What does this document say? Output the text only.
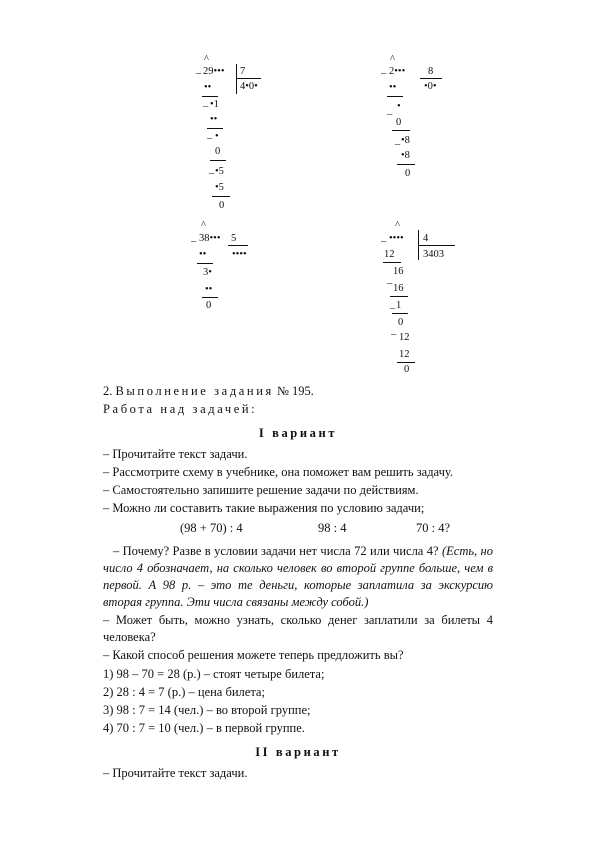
^
– 29••• 7
4•0•
••
– •1
••
– •
0
– •5
•5
0
^
– 2••• 8
•0•
••
–
•
0
– •8
•8
0
^
– 38••• 5
••••
••
3•
••
0
^
– •••• 4
3403
12
–
16
16
– 1
0
– 12
12
0
2. Выполнение задания № 195.
Работа над задачей:
I вариант
– Прочитайте текст задачи.
– Рассмотрите схему в учебнике, она поможет вам решить задачу.
– Самостоятельно запишите решение задачи по действиям.
– Можно ли составить такие выражения по условию задачи;
(98 + 70) : 4	98 : 4	70 : 4?
– Почему? Разве в условии задачи нет числа 72 или числа 4? (Есть, но число 4 обозначает, на сколько человек во второй группе больше, чем в первой. А 98 р. – это те деньги, которые заплатила за экскурсию вторая группа. Эти числа связаны между собой.)
– Может быть, можно узнать, сколько денег заплатили за билеты 4 человека?
– Какой способ решения можете теперь предложить вы?
1) 98 – 70 = 28 (р.) – стоят четыре билета;
2) 28 : 4 = 7 (р.) – цена билета;
3) 98 : 7 = 14 (чел.) – во второй группе;
4) 70 : 7 = 10 (чел.) – в первой группе.
II вариант
– Прочитайте текст задачи.
